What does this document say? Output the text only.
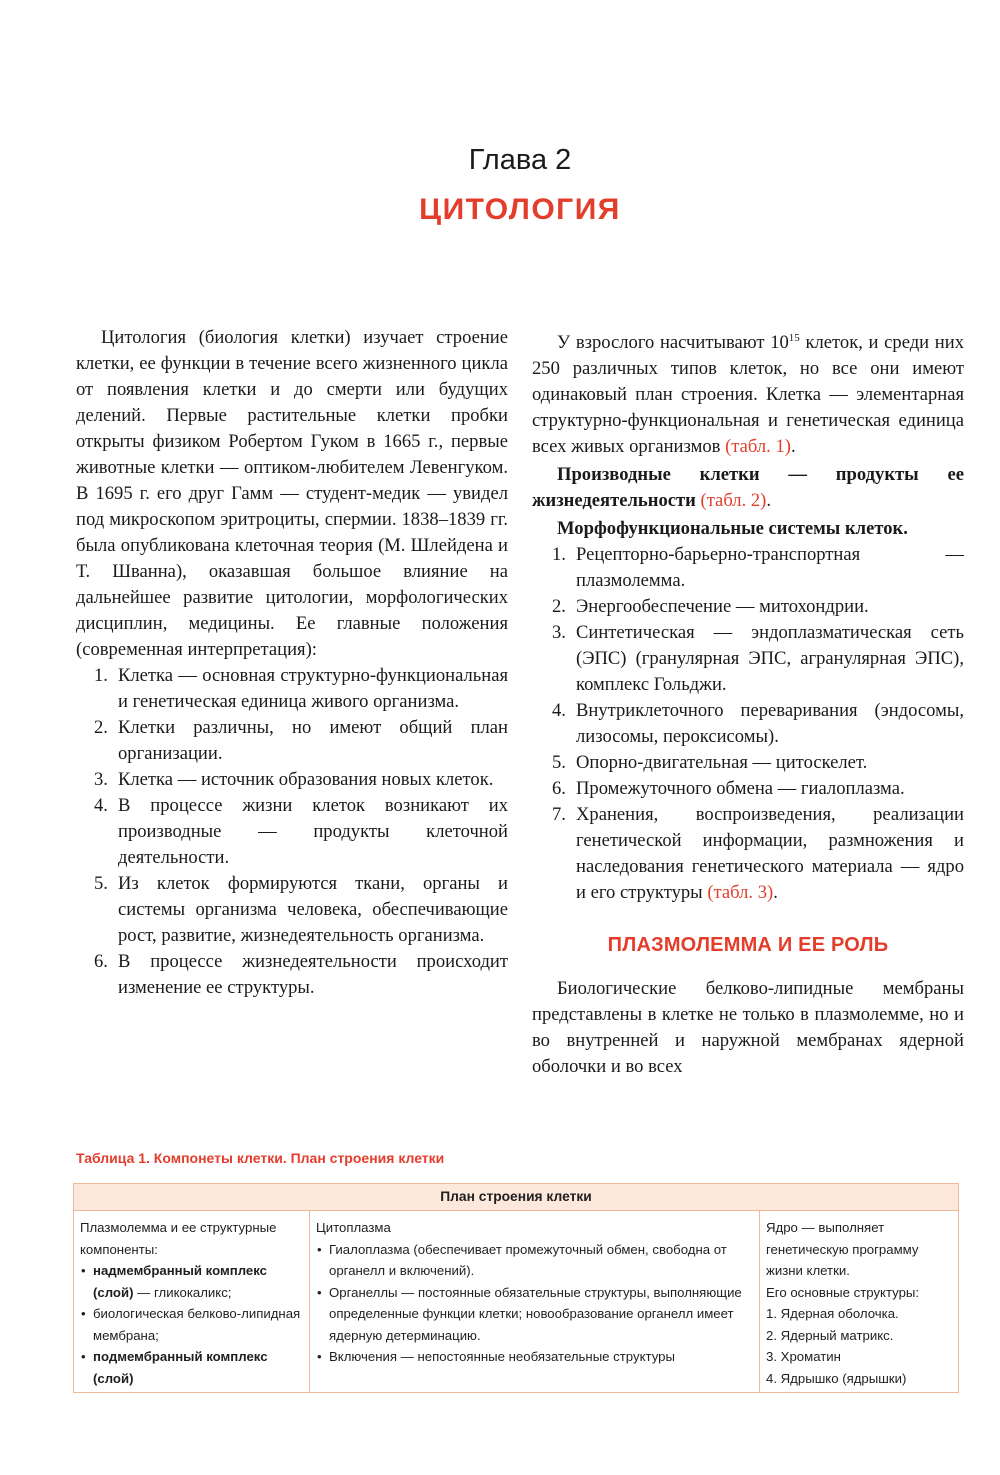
Глава 2
ЦИТОЛОГИЯ

Цитология (биология клетки) изучает строение клетки, ее функции в течение всего жизненного цикла от появления клетки и до смерти или будущих делений. Первые растительные клетки пробки открыты физиком Робертом Гуком в 1665 г., первые животные клетки — оптиком-любителем Левенгуком. В 1695 г. его друг Гамм — студент-медик — увидел под микроскопом эритроциты, спермии. 1838–1839 гг. была опубликована клеточная теория (М. Шлейдена и Т. Шванна), оказавшая большое влияние на дальнейшее развитие цитологии, морфологических дисциплин, медицины. Ее главные положения (современная интерпретация):

1. Клетка — основная структурно-функциональная и генетическая единица живого организма.
2. Клетки различны, но имеют общий план организации.
3. Клетка — источник образования новых клеток.
4. В процессе жизни клеток возникают их производные — продукты клеточной деятельности.
5. Из клеток формируются ткани, органы и системы организма человека, обеспечивающие рост, развитие, жизнедеятельность организма.
6. В процессе жизнедеятельности происходит изменение ее структуры.

У взрослого насчитывают $10^{15}$ клеток, и среди них 250 различных типов клеток, но все они имеют одинаковый план строения. Клетка — элементарная структурно-функциональная и генетическая единица всех живых организмов (табл. 1).

Производные клетки — продукты ее жизнедеятельности (табл. 2).

Морфофункциональные системы клеток.

1. Рецепторно-барьерно-транспортная — плазмолемма.
2. Энергообеспечение — митохондрии.
3. Синтетическая — эндоплазматическая сеть (ЭПС) (гранулярная ЭПС, агранулярная ЭПС), комплекс Гольджи.
4. Внутриклеточного переваривания (эндосомы, лизосомы, пероксисомы).
5. Опорно-двигательная — цитоскелет.
6. Промежуточного обмена — гиалоплазма.
7. Хранения, воспроизведения, реализации генетической информации, размножения и наследования генетического материала — ядро и его структуры (табл. 3).
ПЛАЗМОЛЕММА И ЕЕ РОЛЬ

Биологические белково-липидные мембраны представлены в клетке не только в плазмолемме, но и во внутренней и наружной мембранах ядерной оболочки и во всех

Таблица 1. Компонеты клетки. План строения клетки
План строения клетки
Плазмолемма и ее структурные компоненты:
• надмембранный комплекс (слой) — гликокаликс;
• биологическая белково-липидная мембрана;
• подмембранный комплекс (слой)
Цитоплазма
• Гиалоплазма (обеспечивает промежуточный обмен, свободна от органелл и включений).
• Органеллы — постоянные обязательные структуры, выполняющие определенные функции клетки; новообразование органелл имеет ядерную детерминацию.
• Включения — непостоянные необязательные структуры
Ядро — выполняет генетическую программу жизни клетки.
Его основные структуры:
1. Ядерная оболочка.
2. Ядерный матрикс.
3. Хроматин
4. Ядрышко (ядрышки)
